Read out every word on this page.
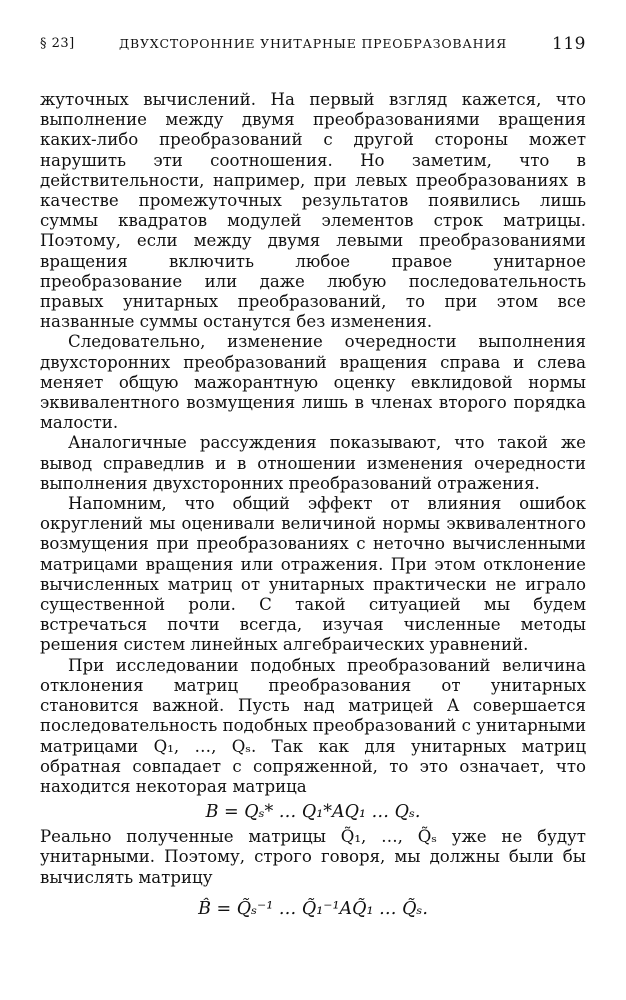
§ 23]	ДВУХСТОРОННИЕ УНИТАРНЫЕ ПРЕОБРАЗОВАНИЯ	119

жуточных вычислений. На первый взгляд кажется, что выполнение между двумя преобразованиями вращения каких-либо преобразований с другой стороны может нарушить эти соотношения. Но заметим, что в действительности, например, при левых преобразованиях в качестве промежуточных результатов появились лишь суммы квадратов модулей элементов строк матрицы. Поэтому, если между двумя левыми преобразованиями вращения включить любое правое унитарное преобразование или даже любую последовательность правых унитарных преобразований, то при этом все названные суммы останутся без изменения.

Следовательно, изменение очередности выполнения двухсторонних преобразований вращения справа и слева меняет общую мажорантную оценку евклидовой нормы эквивалентного возмущения лишь в членах второго порядка малости.

Аналогичные рассуждения показывают, что такой же вывод справедлив и в отношении изменения очередности выполнения двухсторонних преобразований отражения.

Напомним, что общий эффект от влияния ошибок округлений мы оценивали величиной нормы эквивалентного возмущения при преобразованиях с неточно вычисленными матрицами вращения или отражения. При этом отклонение вычисленных матриц от унитарных практически не играло существенной роли. С такой ситуацией мы будем встречаться почти всегда, изучая численные методы решения систем линейных алгебраических уравнений.

При исследовании подобных преобразований величина отклонения матриц преобразования от унитарных становится важной. Пусть над матрицей A совершается последовательность подобных преобразований с унитарными матрицами Q₁, …, Qₛ. Так как для унитарных матриц обратная совпадает с сопряженной, то это означает, что находится некоторая матрица

B = Qₛ* … Q₁*AQ₁ … Qₛ.

Реально полученные матрицы Q̃₁, …, Q̃ₛ уже не будут унитарными. Поэтому, строго говоря, мы должны были бы вычислять матрицу

B̂ = Q̃ₛ⁻¹ … Q̃₁⁻¹AQ̃₁ … Q̃ₛ.
